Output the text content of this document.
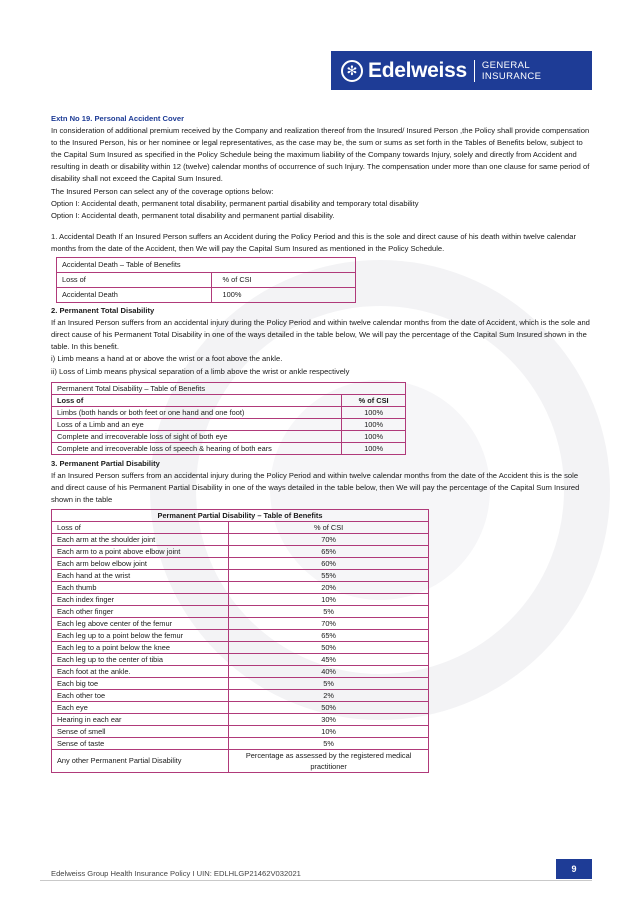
✻ Edelweiss GENERAL
INSURANCE

Extn No 19. Personal Accident Cover

In consideration of additional premium received by the Company and realization thereof from the Insured/ Insured Person ,the Policy shall provide compensation to the Insured Person, his or her nominee or legal representatives, as the case may be, the sum or sums as set forth in the Tables of Benefits below, subject to the Capital Sum Insured as specified in the Policy Schedule being the maximum liability of the Company towards Injury, solely and directly from Accident and resulting in death or disability within 12 (twelve) calendar months of occurrence of such Injury. The compensation under more than one clause for same period of disability shall not exceed the Capital Sum Insured.

The Insured Person can select any of the coverage options below:

Option I: Accidental death, permanent total disability, permanent partial disability and temporary total disability

Option I: Accidental death, permanent total disability and permanent partial disability.

1. Accidental Death If an Insured Person suffers an Accident during the Policy Period and this is the sole and direct cause of his death within twelve calendar months from the date of the Accident, then We will pay the Capital Sum Insured as mentioned in the Policy Schedule.

Accidental Death – Table of Benefits	
Loss of	% of CSI
Accidental Death	100%

2. Permanent Total Disability

If an Insured Person suffers from an accidental injury during the Policy Period and within twelve calendar months from the date of Accident, which is the sole and direct cause of his Permanent Total Disability in one of the ways detailed in the table below, We will pay the percentage of the Capital Sum Insured shown in the table. In this benefit.

i) Limb means a hand at or above the wrist or a foot above the ankle.

ii) Loss of Limb means physical separation of a limb above the wrist or ankle respectively

Permanent Total Disability – Table of Benefits	
Loss of	% of CSI
Limbs (both hands or both feet or one hand and one foot)	100%
Loss of a Limb and an eye	100%
Complete and irrecoverable loss of sight of both eye	100%
Complete and irrecoverable loss of speech & hearing of both ears	100%

3. Permanent Partial Disability

If an Insured Person suffers from an accidental injury during the Policy Period and within twelve calendar months from the date of the Accident this is the sole and direct cause of his Permanent Partial Disability in one of the ways detailed in the table below, then We will pay the percentage of the Capital Sum Insured shown in the table

Permanent Partial Disability – Table of Benefits	
Loss of	% of CSI
Each arm at the shoulder joint	70%
Each arm to a point above elbow joint	65%
Each arm below elbow joint	60%
Each hand at the wrist	55%
Each thumb	20%
Each index finger	10%
Each other finger	5%
Each leg above center of the femur	70%
Each leg up to a point below the femur	65%
Each leg to a point below the knee	50%
Each leg up to the center of tibia	45%
Each foot at the ankle.	40%
Each big toe	5%
Each other toe	2%
Each eye	50%
Hearing in each ear	30%
Sense of smell	10%
Sense of taste	5%
Any other Permanent Partial Disability	Percentage as assessed by the registered medical practitioner
Edelweiss Group Health Insurance Policy I UIN: EDLHLGP21462V032021	9
